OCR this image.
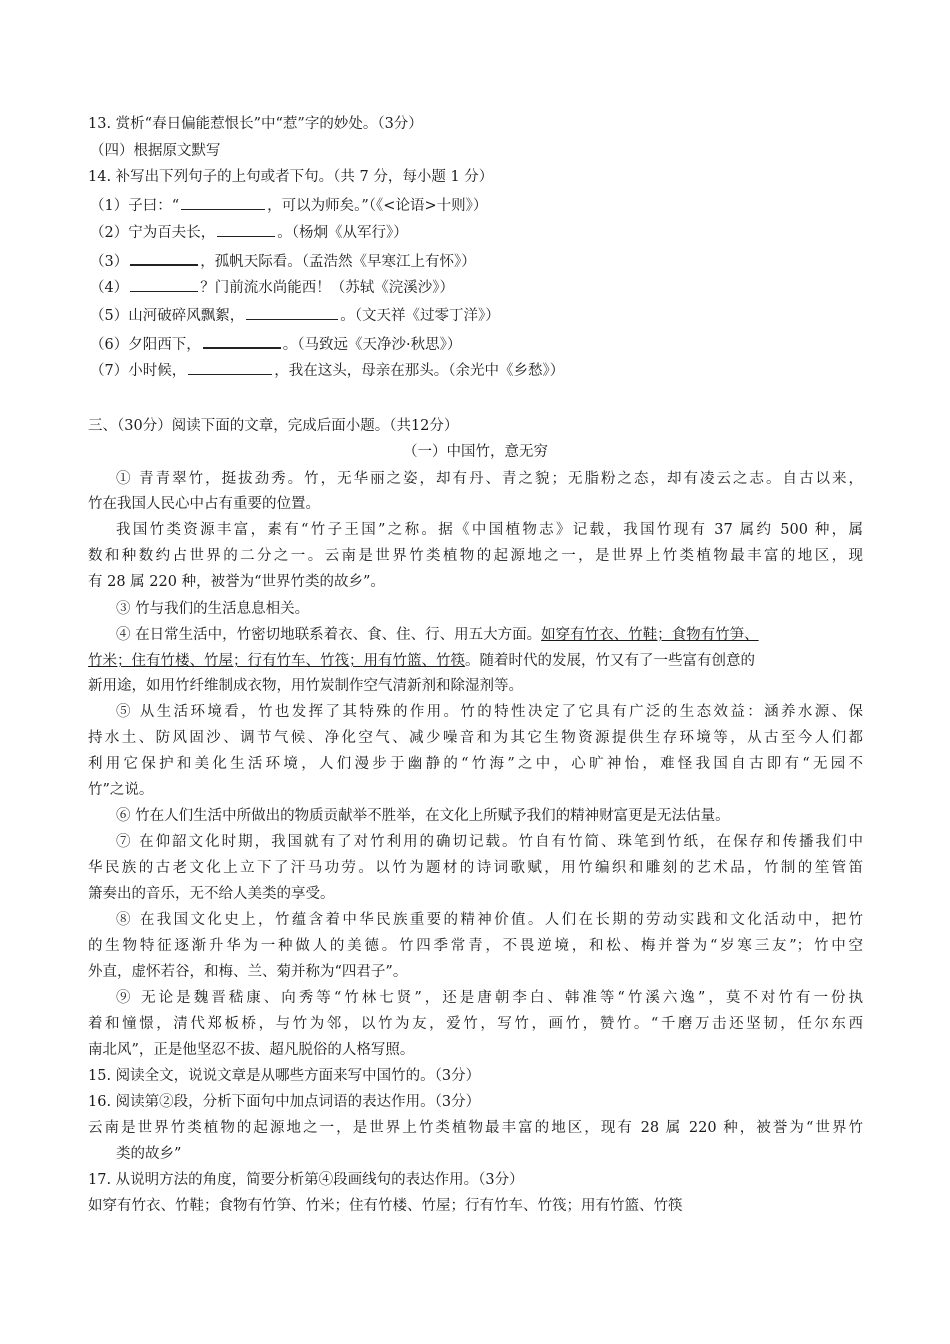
13. 赏析“春日偏能惹恨长”中“惹”字的妙处。（3分）
（四）根据原文默写
14. 补写出下列句子的上句或者下句。（共 7 分，每小题 1 分）
（1）子曰：“	，可以为师矣。”（《<论语>十则》）
（2）宁为百夫长，	。（杨炯《从军行》）
（3）	，孤帆天际看。（孟浩然《早寒江上有怀》）
（4）	？门前流水尚能西！（苏轼《浣溪沙》）
（5）山河破碎风飘絮，	。（文天祥《过零丁洋》）
（6）夕阳西下，	。（马致远《天净沙·秋思》）
（7）小时候，	，我在这头，母亲在那头。（余光中《乡愁》）
三、（30分）阅读下面的文章，完成后面小题。（共12分）
（一）中国竹，意无穷
① 青青翠竹，挺拔劲秀。竹，无华丽之姿，却有丹、青之貌；无脂粉之态，却有凌云之志。自古以来，
竹在我国人民心中占有重要的位置。
我国竹类资源丰富，素有“竹子王国”之称。据《中国植物志》记载，我国竹现有 37 属约 500 种，属
数和种数约占世界的二分之一。云南是世界竹类植物的起源地之一，是世界上竹类植物最丰富的地区，现
有 28 属 220 种，被誉为“世界竹类的故乡”。
③ 竹与我们的生活息息相关。
④ 在日常生活中，竹密切地联系着衣、食、住、行、用五大方面。如穿有竹衣、竹鞋；食物有竹笋、
竹米；住有竹楼、竹屋；行有竹车、竹筏；用有竹篮、竹筷。随着时代的发展，竹又有了一些富有创意的
新用途，如用竹纤维制成衣物，用竹炭制作空气清新剂和除湿剂等。
⑤ 从生活环境看，竹也发挥了其特殊的作用。竹的特性决定了它具有广泛的生态效益：涵养水源、保
持水土、防风固沙、调节气候、净化空气、减少噪音和为其它生物资源提供生存环境等，从古至今人们都
利用它保护和美化生活环境，人们漫步于幽静的“竹海”之中，心旷神怡，难怪我国自古即有“无园不
竹”之说。
⑥ 竹在人们生活中所做出的物质贡献举不胜举，在文化上所赋予我们的精神财富更是无法估量。
⑦ 在仰韶文化时期，我国就有了对竹利用的确切记载。竹自有竹简、珠笔到竹纸，在保存和传播我们中
华民族的古老文化上立下了汗马功劳。以竹为题材的诗词歌赋，用竹编织和雕刻的艺术品，竹制的笙管笛
箫奏出的音乐，无不给人美类的享受。
⑧ 在我国文化史上，竹蕴含着中华民族重要的精神价值。人们在长期的劳动实践和文化活动中，把竹
的生物特征逐渐升华为一种做人的美德。竹四季常青，不畏逆境，和松、梅并誉为“岁寒三友”；竹中空
外直，虚怀若谷，和梅、兰、菊并称为“四君子”。
⑨ 无论是魏晋嵇康、向秀等“竹林七贤”，还是唐朝李白、韩准等“竹溪六逸”，莫不对竹有一份执
着和憧憬，清代郑板桥，与竹为邻，以竹为友，爱竹，写竹，画竹，赞竹。“千磨万击还坚韧，任尔东西
南北风”，正是他坚忍不拔、超凡脱俗的人格写照。
15. 阅读全文，说说文章是从哪些方面来写中国竹的。（3分）
16. 阅读第②段，分析下面句中加点词语的表达作用。（3分）
云南是世界竹类植物的起源地之一，是世界上竹类植物最丰富的地区，现有 28 属 220 种，被誉为“世界竹
类的故乡”
17. 从说明方法的角度，简要分析第④段画线句的表达作用。（3分）
如穿有竹衣、竹鞋；食物有竹笋、竹米；住有竹楼、竹屋；行有竹车、竹筏；用有竹篮、竹筷
